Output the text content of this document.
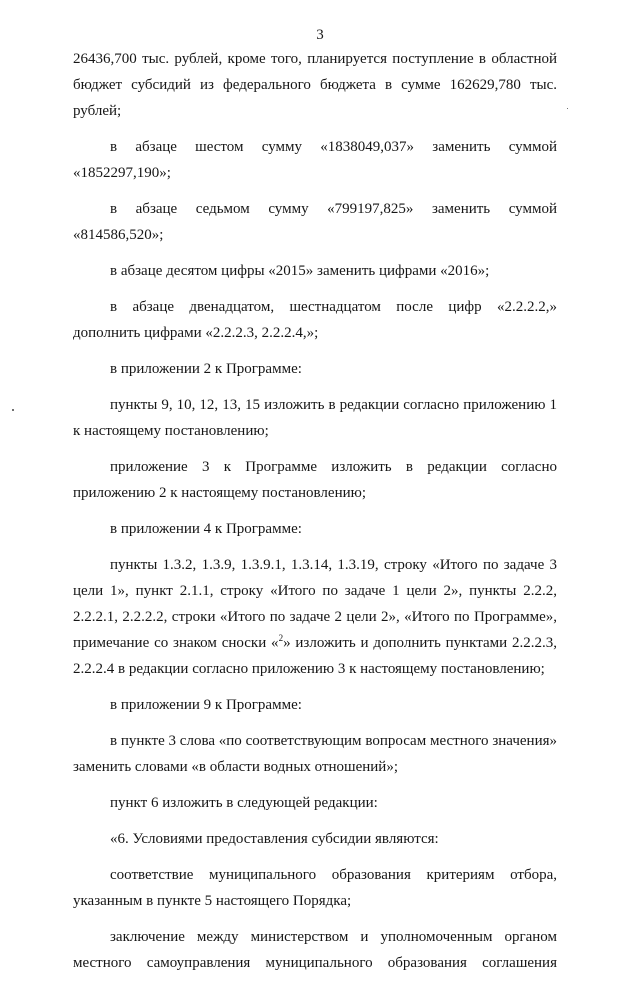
3

26436,700 тыс. рублей, кроме того, планируется поступление в областной бюджет субсидий из федерального бюджета в сумме 162629,780 тыс. рублей;

в абзаце шестом сумму «1838049,037» заменить суммой «1852297,190»;

в абзаце седьмом сумму «799197,825» заменить суммой «814586,520»;

в абзаце десятом цифры «2015» заменить цифрами «2016»;

в абзаце двенадцатом, шестнадцатом после цифр «2.2.2.2,» дополнить цифрами «2.2.2.3, 2.2.2.4,»;

в приложении 2 к Программе:

пункты 9, 10, 12, 13, 15 изложить в редакции согласно приложению 1 к настоящему постановлению;

приложение 3 к Программе изложить в редакции согласно приложению 2 к настоящему постановлению;

в приложении 4 к Программе:

пункты 1.3.2, 1.3.9, 1.3.9.1, 1.3.14, 1.3.19, строку «Итого по задаче 3 цели 1», пункт 2.1.1, строку «Итого по задаче 1 цели 2», пункты 2.2.2, 2.2.2.1, 2.2.2.2, строки «Итого по задаче 2 цели 2», «Итого по Программе», примечание со знаком сноски «$^2$» изложить и дополнить пунктами 2.2.2.3, 2.2.2.4 в редакции согласно приложению 3 к настоящему постановлению;

в приложении 9 к Программе:

в пункте 3 слова «по соответствующим вопросам местного значения» заменить словами «в области водных отношений»;

пункт 6 изложить в следующей редакции:

«6. Условиями предоставления субсидии являются:

соответствие муниципального образования критериям отбора, указанным в пункте 5 настоящего Порядка;

заключение между министерством и уполномоченным органом местного самоуправления муниципального образования соглашения
